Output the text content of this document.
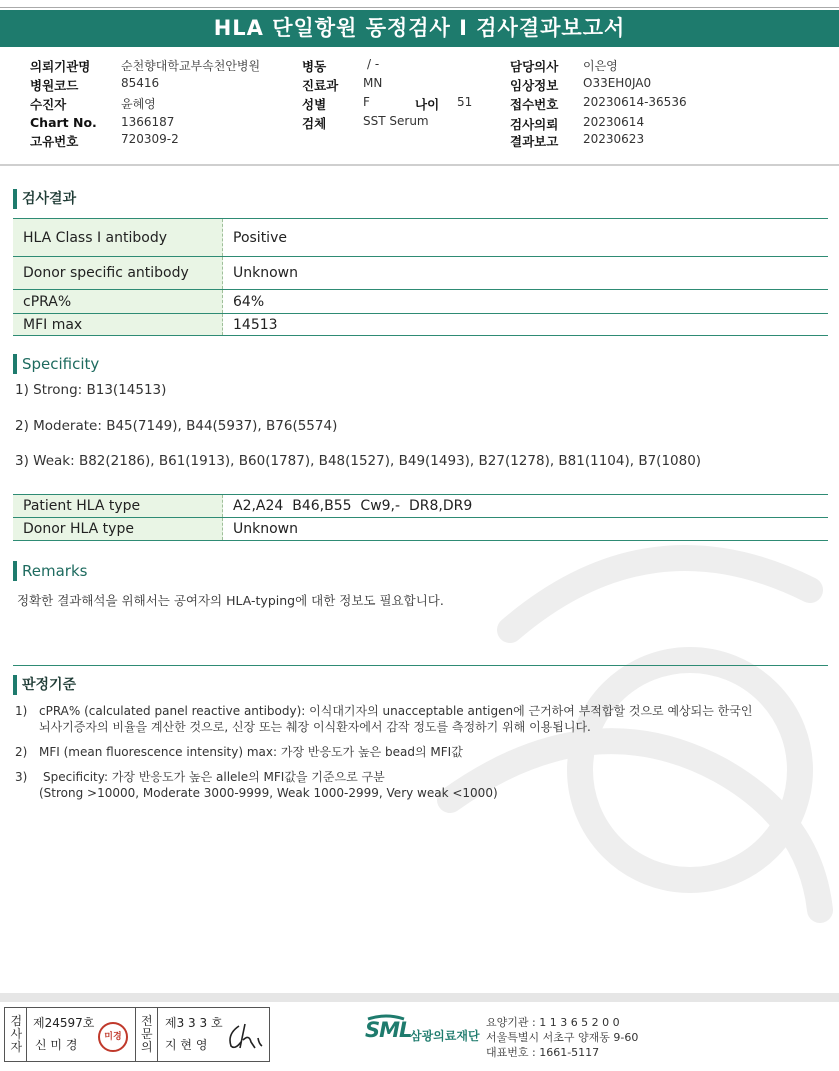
HLA 단일항원 동정검사 I 검사결과보고서
의뢰기관명	순천향대학교부속천안병원
병원코드	85416
수진자	윤혜영
Chart No. 1366187
고유번호	720309-2
병동	/ -
진료과 MN
성별	F	나이 51
검체	SST Serum
담당의사 이은영
임상정보 O33EH0JA0
접수번호 20230614-36536
검사의뢰 20230614
결과보고 20230623
검사결과
HLA Class I antibody	Positive
Donor specific antibody	Unknown
cPRA%	64%
MFI max	14513
Specificity
1) Strong: B13(14513)
2) Moderate: B45(7149), B44(5937), B76(5574)
3) Weak: B82(2186), B61(1913), B60(1787), B48(1527), B49(1493), B27(1278), B81(1104), B7(1080)
Patient HLA type	A2,A24  B46,B55  Cw9,-  DR8,DR9
Donor HLA type	Unknown
Remarks
정확한 결과해석을 위해서는 공여자의 HLA-typing에 대한 정보도 필요합니다.
판정기준
1) cPRA% (calculated panel reactive antibody): 이식대기자의 unacceptable antigen에 근거하여 부적합할 것으로 예상되는 한국인
뇌사기증자의 비율을 계산한 것으로, 신장 또는 췌장 이식환자에서 감작 정도를 측정하기 위해 이용됩니다.
2) MFI (mean fluorescence intensity) max: 가장 반응도가 높은 bead의 MFI값
3) Specificity: 가장 반응도가 높은 allele의 MFI값을 기준으로 구분
(Strong >10000, Moderate 3000-9999, Weak 1000-2999, Very weak <1000)
검사자
제24597호
신 미 경
미경
전문의
제3 3 3 호
지 현 영
SML
삼광의료재단
요양기관 : 1 1 3 6 5 2 0 0
서울특별시 서초구 양재동 9-60
대표번호 : 1661-5117
